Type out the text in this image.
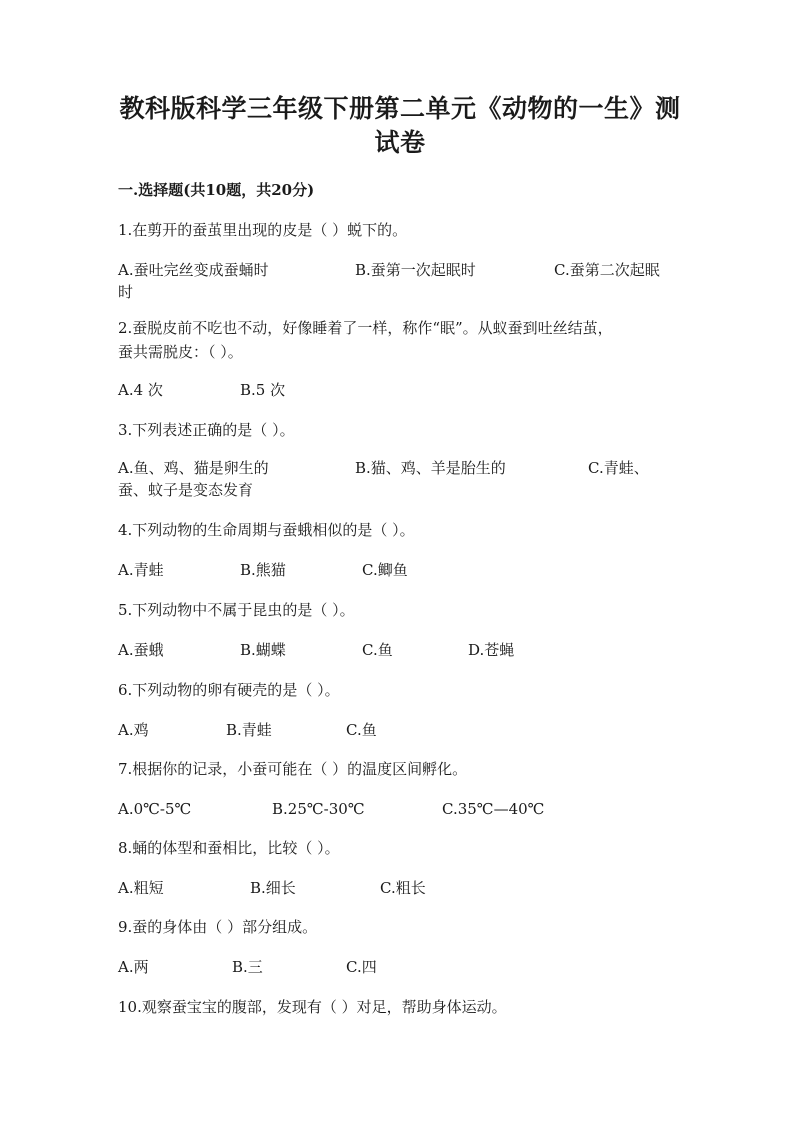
教科版科学三年级下册第二单元《动物的一生》测
试卷
一.选择题(共10题，共20分)
1.在剪开的蚕茧里出现的皮是（ ）蜕下的。
A.蚕吐完丝变成蚕蛹时	B.蚕第一次起眠时	C.蚕第二次起眠
时
2.蚕脱皮前不吃也不动，好像睡着了一样，称作“眠”。从蚁蚕到吐丝结茧，
蚕共需脱皮：（ ）。
A.4 次	B.5 次
3.下列表述正确的是（ ）。
A.鱼、鸡、猫是卵生的	B.猫、鸡、羊是胎生的	C.青蛙、
蚕、蚊子是变态发育
4.下列动物的生命周期与蚕蛾相似的是（ ）。
A.青蛙	B.熊猫	C.鲫鱼
5.下列动物中不属于昆虫的是（ ）。
A.蚕蛾	B.蝴蝶	C.鱼	D.苍蝇
6.下列动物的卵有硬壳的是（ ）。
A.鸡	B.青蛙	C.鱼
7.根据你的记录，小蚕可能在（ ）的温度区间孵化。
A.0℃-5℃	B.25℃-30℃	C.35℃—40℃
8.蛹的体型和蚕相比，比较（ ）。
A.粗短	B.细长	C.粗长
9.蚕的身体由（ ）部分组成。
A.两	B.三	C.四
10.观察蚕宝宝的腹部，发现有（ ）对足，帮助身体运动。
